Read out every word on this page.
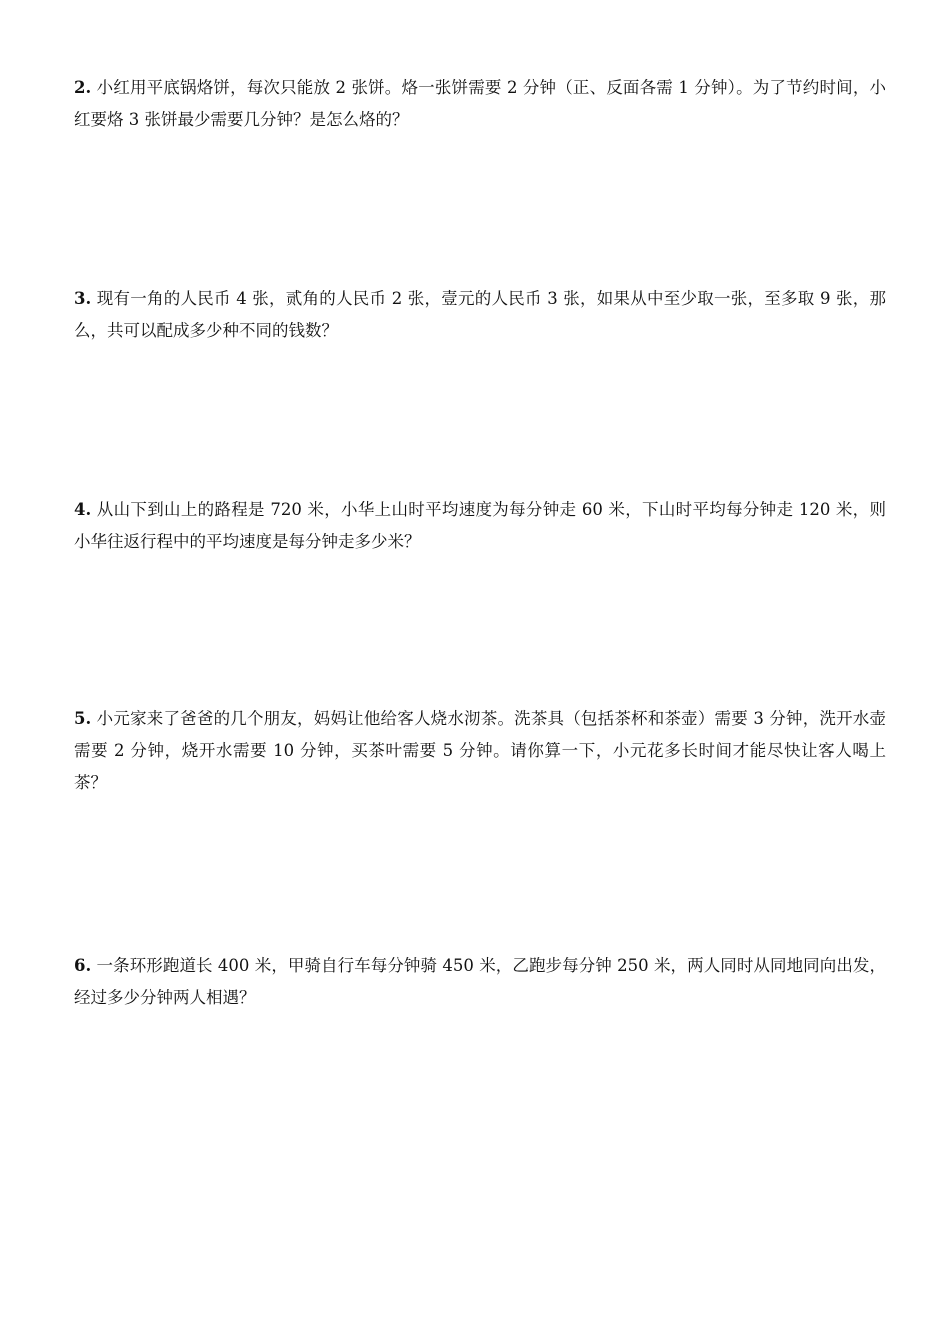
2. 小红用平底锅烙饼，每次只能放 2 张饼。烙一张饼需要 2 分钟（正、反面各需 1 分钟）。为了节约时间，小红要烙 3 张饼最少需要几分钟？是怎么烙的？

3. 现有一角的人民币 4 张，贰角的人民币 2 张，壹元的人民币 3 张，如果从中至少取一张，至多取 9 张，那么，共可以配成多少种不同的钱数？

4. 从山下到山上的路程是 720 米，小华上山时平均速度为每分钟走 60 米，下山时平均每分钟走 120 米，则小华往返行程中的平均速度是每分钟走多少米？

5. 小元家来了爸爸的几个朋友，妈妈让他给客人烧水沏茶。洗茶具（包括茶杯和茶壶）需要 3 分钟，洗开水壶需要 2 分钟，烧开水需要 10 分钟，买茶叶需要 5 分钟。请你算一下，小元花多长时间才能尽快让客人喝上茶？

6. 一条环形跑道长 400 米，甲骑自行车每分钟骑 450 米，乙跑步每分钟 250 米，两人同时从同地同向出发，经过多少分钟两人相遇？
